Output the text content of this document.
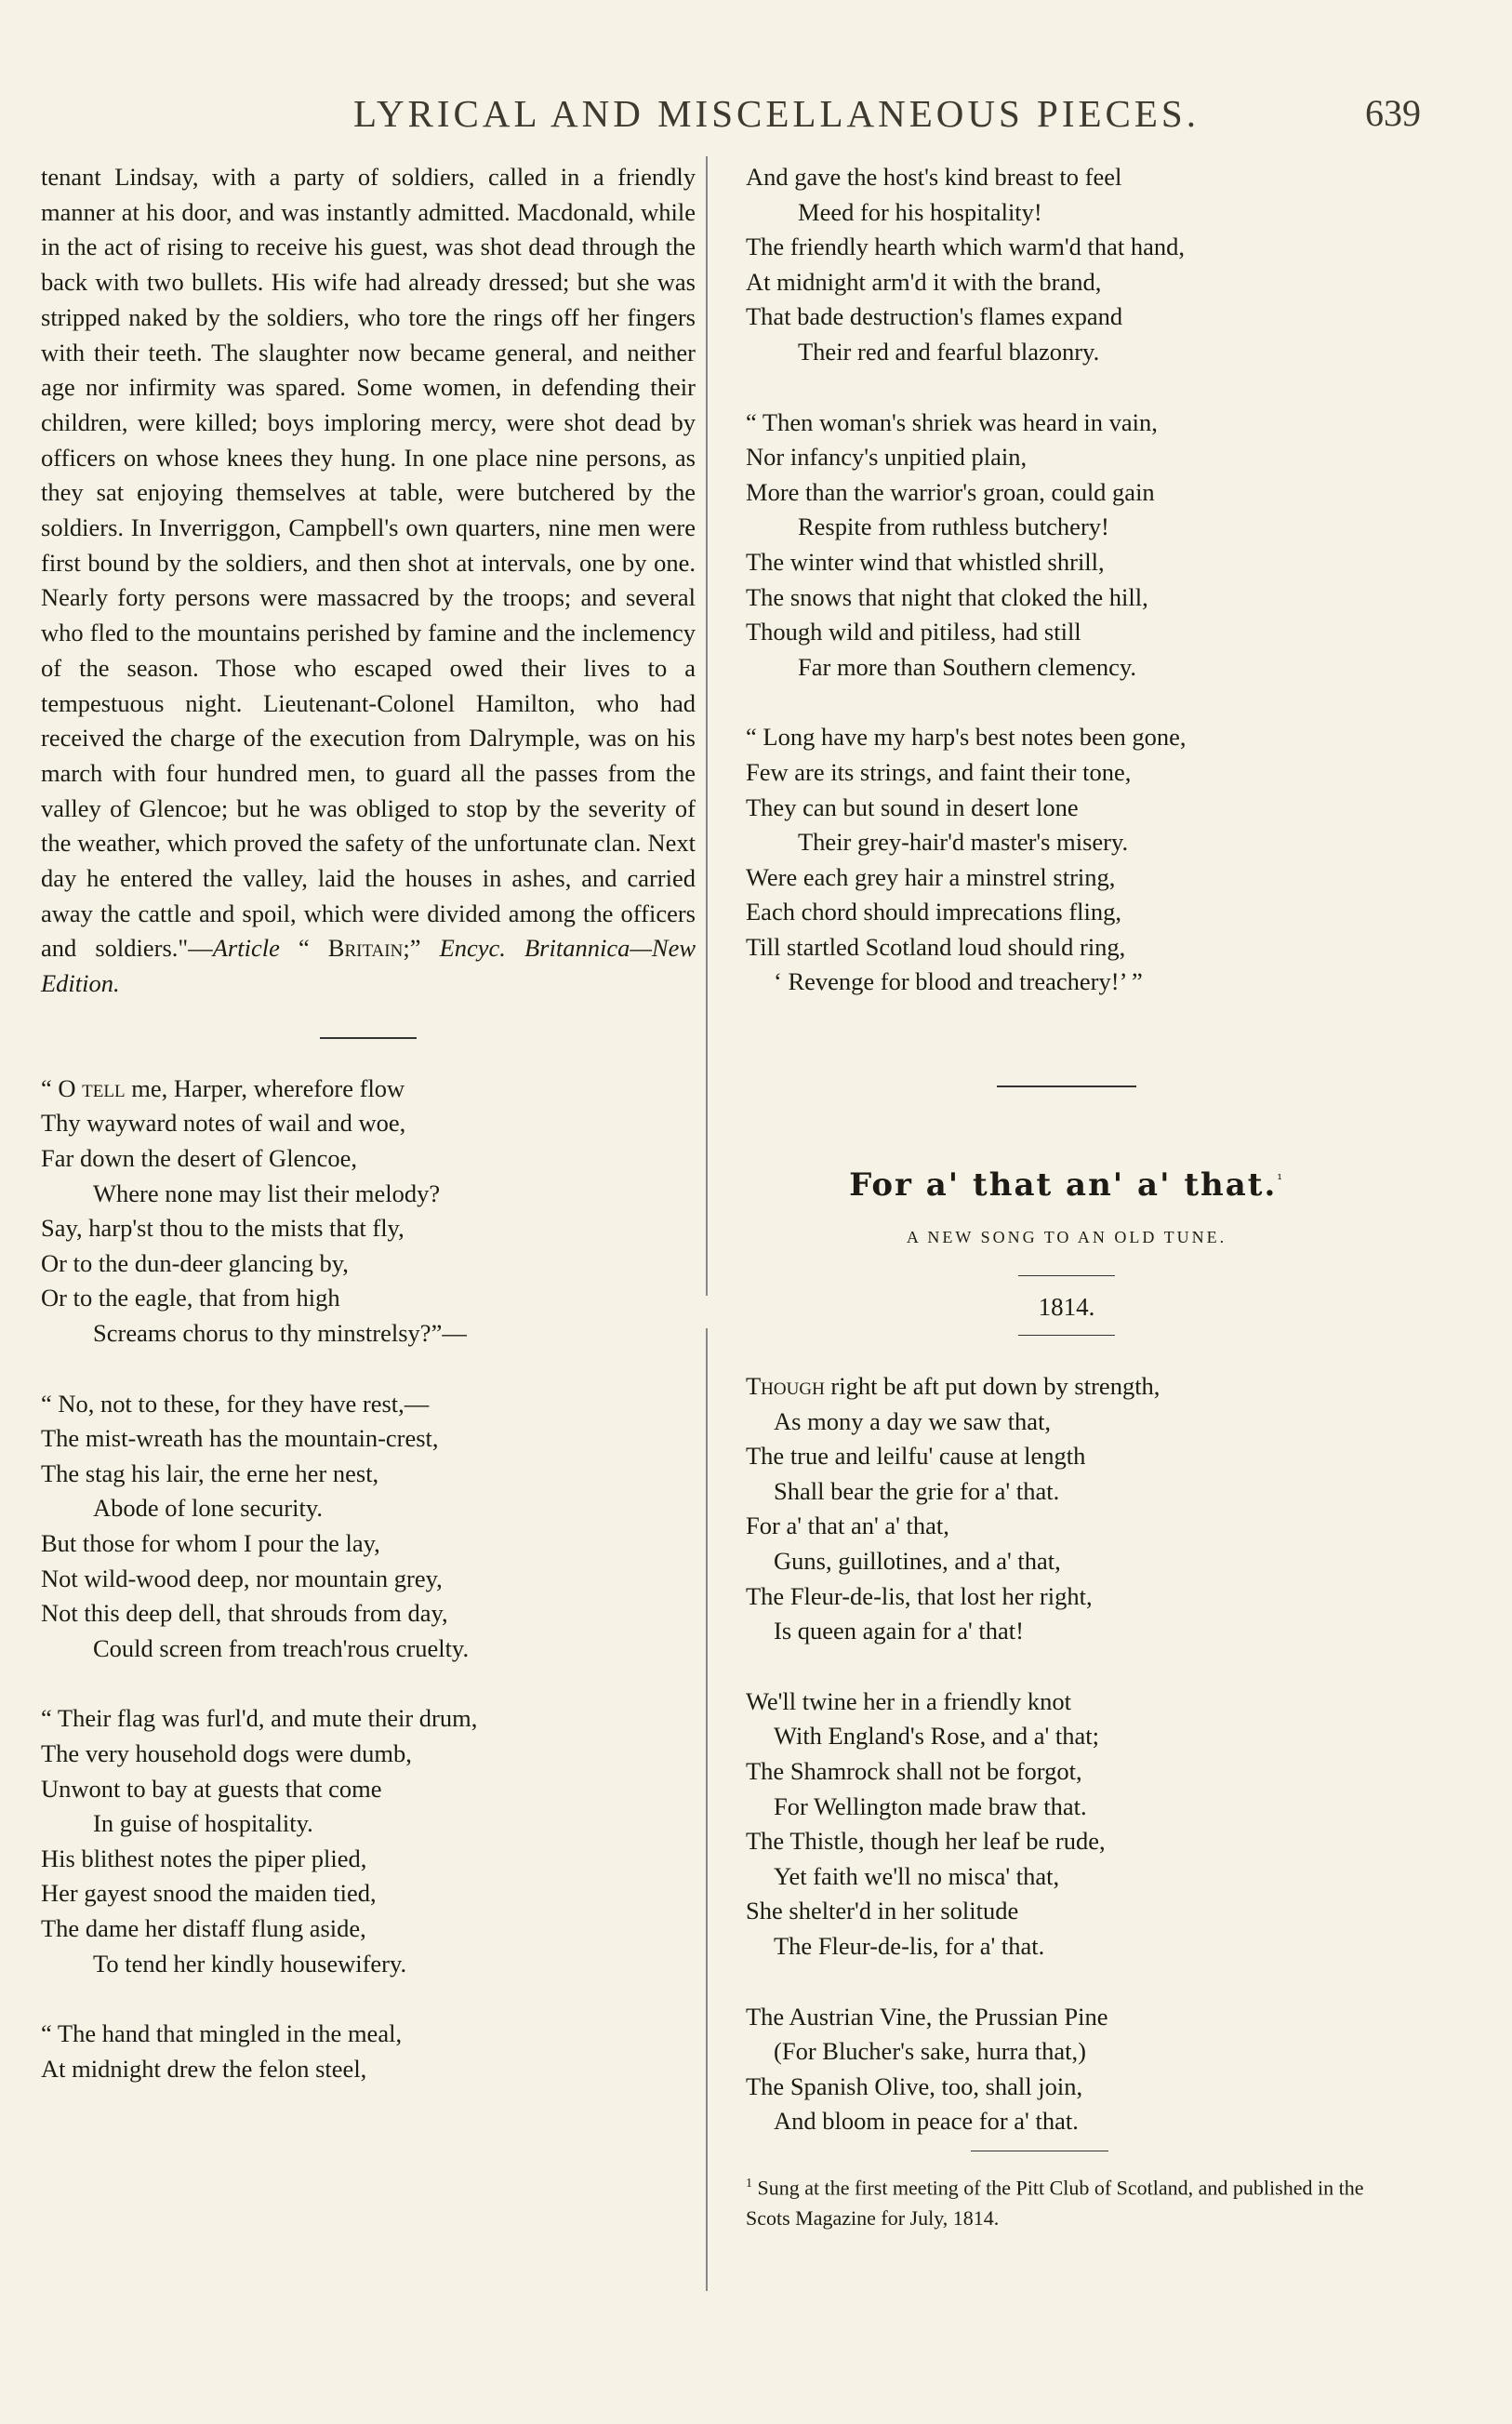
LYRICAL AND MISCELLANEOUS PIECES.	639

tenant Lindsay, with a party of soldiers, called in a friendly manner at his door, and was instantly admitted. Macdonald, while in the act of rising to receive his guest, was shot dead through the back with two bullets. His wife had already dressed; but she was stripped naked by the soldiers, who tore the rings off her fingers with their teeth. The slaughter now became general, and neither age nor infirmity was spared. Some women, in defending their children, were killed; boys imploring mercy, were shot dead by officers on whose knees they hung. In one place nine persons, as they sat enjoying themselves at table, were butchered by the soldiers. In Inverriggon, Campbell's own quarters, nine men were first bound by the soldiers, and then shot at intervals, one by one. Nearly forty persons were massacred by the troops; and several who fled to the mountains perished by famine and the inclemency of the season. Those who escaped owed their lives to a tempestuous night. Lieutenant-Colonel Hamilton, who had received the charge of the execution from Dalrymple, was on his march with four hundred men, to guard all the passes from the valley of Glencoe; but he was obliged to stop by the severity of the weather, which proved the safety of the unfortunate clan. Next day he entered the valley, laid the houses in ashes, and carried away the cattle and spoil, which were divided among the officers and soldiers."—Article “ Britain;” Encyc. Britannica—New Edition.

“ O tell me, Harper, wherefore flow
Thy wayward notes of wail and woe,
Far down the desert of Glencoe,
Where none may list their melody?
Say, harp'st thou to the mists that fly,
Or to the dun-deer glancing by,
Or to the eagle, that from high
Screams chorus to thy minstrelsy?”—
“ No, not to these, for they have rest,—
The mist-wreath has the mountain-crest,
The stag his lair, the erne her nest,
Abode of lone security.
But those for whom I pour the lay,
Not wild-wood deep, nor mountain grey,
Not this deep dell, that shrouds from day,
Could screen from treach'rous cruelty.
“ Their flag was furl'd, and mute their drum,
The very household dogs were dumb,
Unwont to bay at guests that come
In guise of hospitality.
His blithest notes the piper plied,
Her gayest snood the maiden tied,
The dame her distaff flung aside,
To tend her kindly housewifery.
“ The hand that mingled in the meal,
At midnight drew the felon steel,
And gave the host's kind breast to feel
Meed for his hospitality!
The friendly hearth which warm'd that hand,
At midnight arm'd it with the brand,
That bade destruction's flames expand
Their red and fearful blazonry.
“ Then woman's shriek was heard in vain,
Nor infancy's unpitied plain,
More than the warrior's groan, could gain
Respite from ruthless butchery!
The winter wind that whistled shrill,
The snows that night that cloked the hill,
Though wild and pitiless, had still
Far more than Southern clemency.
“ Long have my harp's best notes been gone,
Few are its strings, and faint their tone,
They can but sound in desert lone
Their grey-hair'd master's misery.
Were each grey hair a minstrel string,
Each chord should imprecations fling,
Till startled Scotland loud should ring,
‘ Revenge for blood and treachery!’ ”
For a' that an' a' that.$^{^1}$
A NEW SONG TO AN OLD TUNE.
1814.
Though right be aft put down by strength,
As mony a day we saw that,
The true and leilfu' cause at length
Shall bear the grie for a' that.
For a' that an' a' that,
Guns, guillotines, and a' that,
The Fleur-de-lis, that lost her right,
Is queen again for a' that!
We'll twine her in a friendly knot
With England's Rose, and a' that;
The Shamrock shall not be forgot,
For Wellington made braw that.
The Thistle, though her leaf be rude,
Yet faith we'll no misca' that,
She shelter'd in her solitude
The Fleur-de-lis, for a' that.
The Austrian Vine, the Prussian Pine
(For Blucher's sake, hurra that,)
The Spanish Olive, too, shall join,
And bloom in peace for a' that.
$^1$ Sung at the first meeting of the Pitt Club of Scotland, and published in the Scots Magazine for July, 1814.
